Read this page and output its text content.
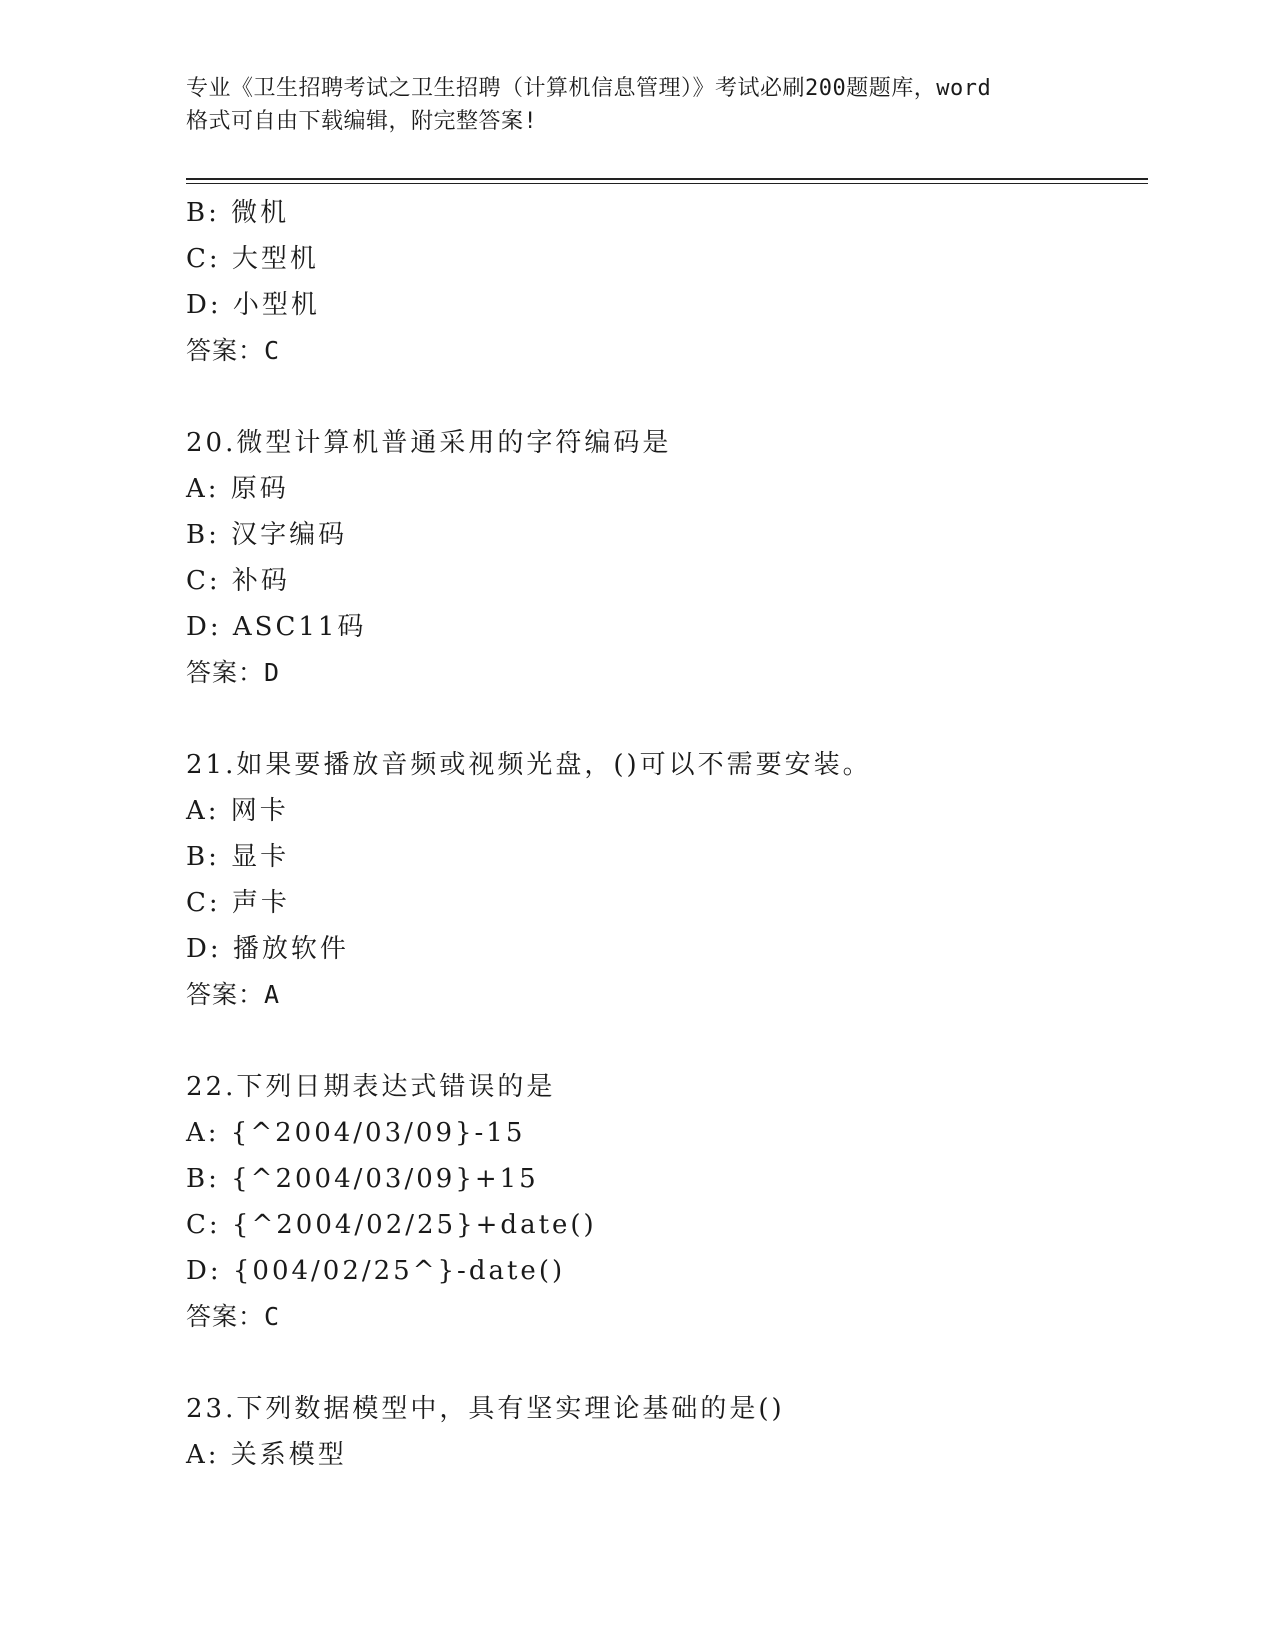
专业《卫生招聘考试之卫生招聘（计算机信息管理）》考试必刷200题题库，word
格式可自由下载编辑，附完整答案!
B: 微机
C: 大型机
D: 小型机
答案：C
20.微型计算机普通采用的字符编码是
A: 原码
B: 汉字编码
C: 补码
D: ASC11码
答案：D
21.如果要播放音频或视频光盘，()可以不需要安装。
A: 网卡
B: 显卡
C: 声卡
D: 播放软件
答案：A
22.下列日期表达式错误的是
A: {^2004/03/09}-15
B: {^2004/03/09}+15
C: {^2004/02/25}+date()
D: {004/02/25^}-date()
答案：C
23.下列数据模型中，具有坚实理论基础的是()
A: 关系模型
